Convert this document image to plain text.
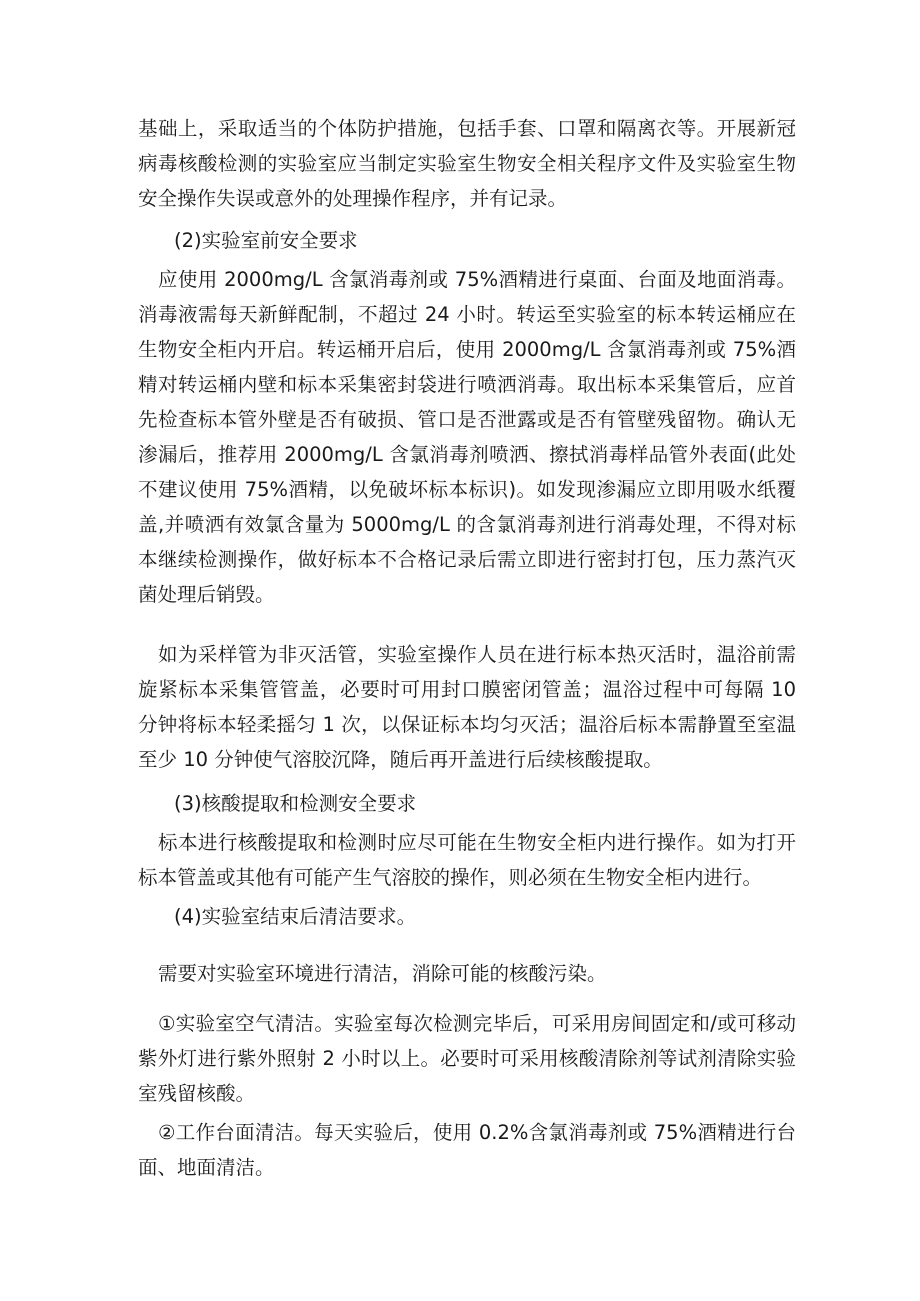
基础上，采取适当的个体防护措施，包括手套、口罩和隔离衣等。开展新冠病毒核酸检测的实验室应当制定实验室生物安全相关程序文件及实验室生物安全操作失误或意外的处理操作程序，并有记录。

(2)实验室前安全要求

应使用 2000mg/L 含氯消毒剂或 75%酒精进行桌面、台面及地面消毒。消毒液需每天新鲜配制，不超过 24 小时。转运至实验室的标本转运桶应在生物安全柜内开启。转运桶开启后，使用 2000mg/L 含氯消毒剂或 75%酒精对转运桶内壁和标本采集密封袋进行喷洒消毒。取出标本采集管后，应首先检查标本管外壁是否有破损、管口是否泄露或是否有管壁残留物。确认无渗漏后，推荐用 2000mg/L 含氯消毒剂喷洒、擦拭消毒样品管外表面(此处不建议使用 75%酒精，以免破坏标本标识)。如发现渗漏应立即用吸水纸覆盖,并喷洒有效氯含量为 5000mg/L 的含氯消毒剂进行消毒处理，不得对标本继续检测操作，做好标本不合格记录后需立即进行密封打包，压力蒸汽灭菌处理后销毁。

如为采样管为非灭活管，实验室操作人员在进行标本热灭活时，温浴前需旋紧标本采集管管盖，必要时可用封口膜密闭管盖；温浴过程中可每隔 10 分钟将标本轻柔摇匀 1 次，以保证标本均匀灭活；温浴后标本需静置至室温至少 10 分钟使气溶胶沉降，随后再开盖进行后续核酸提取。

(3)核酸提取和检测安全要求

标本进行核酸提取和检测时应尽可能在生物安全柜内进行操作。如为打开标本管盖或其他有可能产生气溶胶的操作，则必须在生物安全柜内进行。

(4)实验室结束后清洁要求。

需要对实验室环境进行清洁，消除可能的核酸污染。

①实验室空气清洁。实验室每次检测完毕后，可采用房间固定和/或可移动紫外灯进行紫外照射 2 小时以上。必要时可采用核酸清除剂等试剂清除实验室残留核酸。

②工作台面清洁。每天实验后，使用 0.2%含氯消毒剂或 75%酒精进行台面、地面清洁。
